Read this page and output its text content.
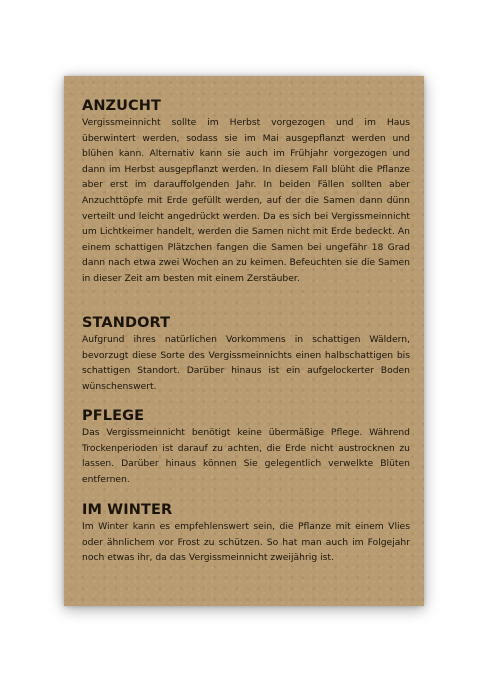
ANZUCHT

Vergissmeinnicht sollte im Herbst vorgezogen und im Haus überwintert werden, sodass sie im Mai ausgepflanzt werden und blühen kann. Alternativ kann sie auch im Frühjahr vorgezogen und dann im Herbst ausgepflanzt werden. In diesem Fall blüht die Pflanze aber erst im darauffolgenden Jahr. In beiden Fällen sollten aber Anzuchttöpfe mit Erde gefüllt werden, auf der die Samen dann dünn verteilt und leicht angedrückt werden. Da es sich bei Vergissmeinnicht um Lichtkeimer handelt, werden die Samen nicht mit Erde bedeckt. An einem schattigen Plätzchen fangen die Samen bei ungefähr 18 Grad dann nach etwa zwei Wochen an zu keimen. Befeuchten sie die Samen in dieser Zeit am besten mit einem Zerstäuber.

STANDORT

Aufgrund ihres natürlichen Vorkommens in schattigen Wäldern, bevorzugt diese Sorte des Vergissmeinnichts einen halbschattigen bis schattigen Standort. Darüber hinaus ist ein aufgelockerter Boden wünschenswert.

PFLEGE

Das Vergissmeinnicht benötigt keine übermäßige Pflege. Während Trockenperioden ist darauf zu achten, die Erde nicht austrocknen zu lassen. Darüber hinaus können Sie gelegentlich verwelkte Blüten entfernen.

IM WINTER

Im Winter kann es empfehlenswert sein, die Pflanze mit einem Vlies oder ähnlichem vor Frost zu schützen. So hat man auch im Folgejahr noch etwas ihr, da das Vergissmeinnicht zweijährig ist.
